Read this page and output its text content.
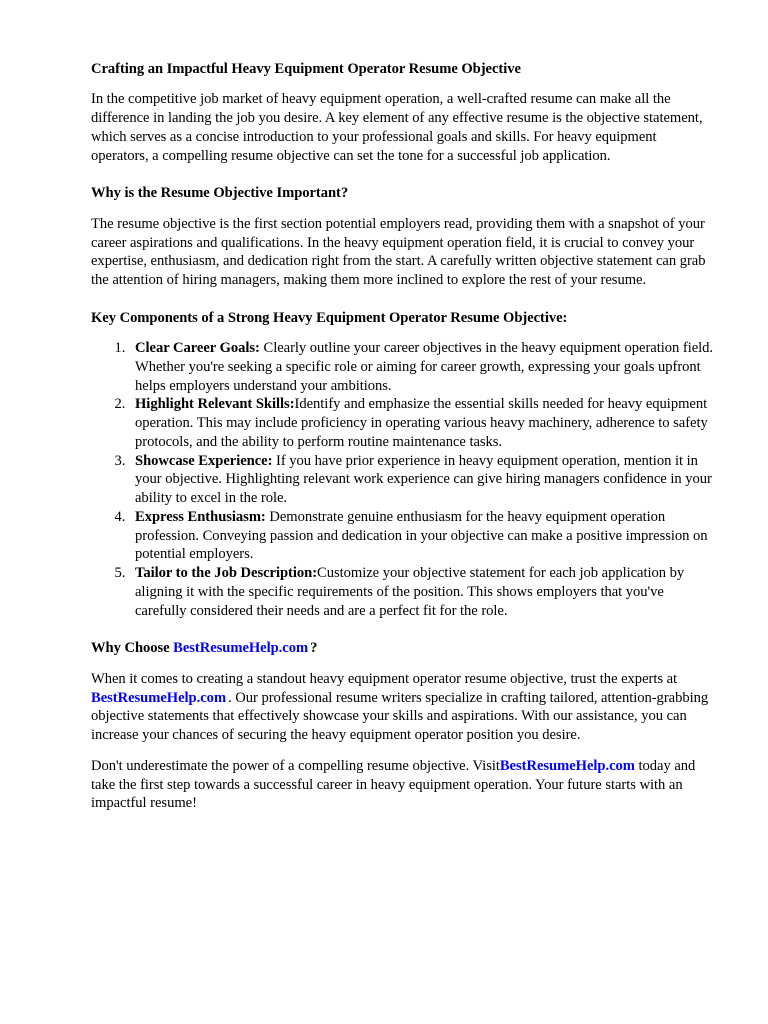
Crafting an Impactful Heavy Equipment Operator Resume Objective

In the competitive job market of heavy equipment operation, a well-crafted resume can make all the difference in landing the job you desire. A key element of any effective resume is the objective statement, which serves as a concise introduction to your professional goals and skills. For heavy equipment operators, a compelling resume objective can set the tone for a successful job application.

Why is the Resume Objective Important?

The resume objective is the first section potential employers read, providing them with a snapshot of your career aspirations and qualifications. In the heavy equipment operation field, it is crucial to convey your expertise, enthusiasm, and dedication right from the start. A carefully written objective statement can grab the attention of hiring managers, making them more inclined to explore the rest of your resume.

Key Components of a Strong Heavy Equipment Operator Resume Objective:
1. Clear Career Goals: Clearly outline your career objectives in the heavy equipment operation field. Whether you're seeking a specific role or aiming for career growth, expressing your goals upfront helps employers understand your ambitions.
2. Highlight Relevant Skills:Identify and emphasize the essential skills needed for heavy equipment operation. This may include proficiency in operating various heavy machinery, adherence to safety protocols, and the ability to perform routine maintenance tasks.
3. Showcase Experience: If you have prior experience in heavy equipment operation, mention it in your objective. Highlighting relevant work experience can give hiring managers confidence in your ability to excel in the role.
4. Express Enthusiasm: Demonstrate genuine enthusiasm for the heavy equipment operation profession. Conveying passion and dedication in your objective can make a positive impression on potential employers.
5. Tailor to the Job Description:Customize your objective statement for each job application by aligning it with the specific requirements of the position. This shows employers that you've carefully considered their needs and are a perfect fit for the role.
Why Choose BestResumeHelp.com ?

When it comes to creating a standout heavy equipment operator resume objective, trust the experts at BestResumeHelp.com . Our professional resume writers specialize in crafting tailored, attention-grabbing objective statements that effectively showcase your skills and aspirations. With our assistance, you can increase your chances of securing the heavy equipment operator position you desire.

Don't underestimate the power of a compelling resume objective. VisitBestResumeHelp.com today and take the first step towards a successful career in heavy equipment operation. Your future starts with an impactful resume!
